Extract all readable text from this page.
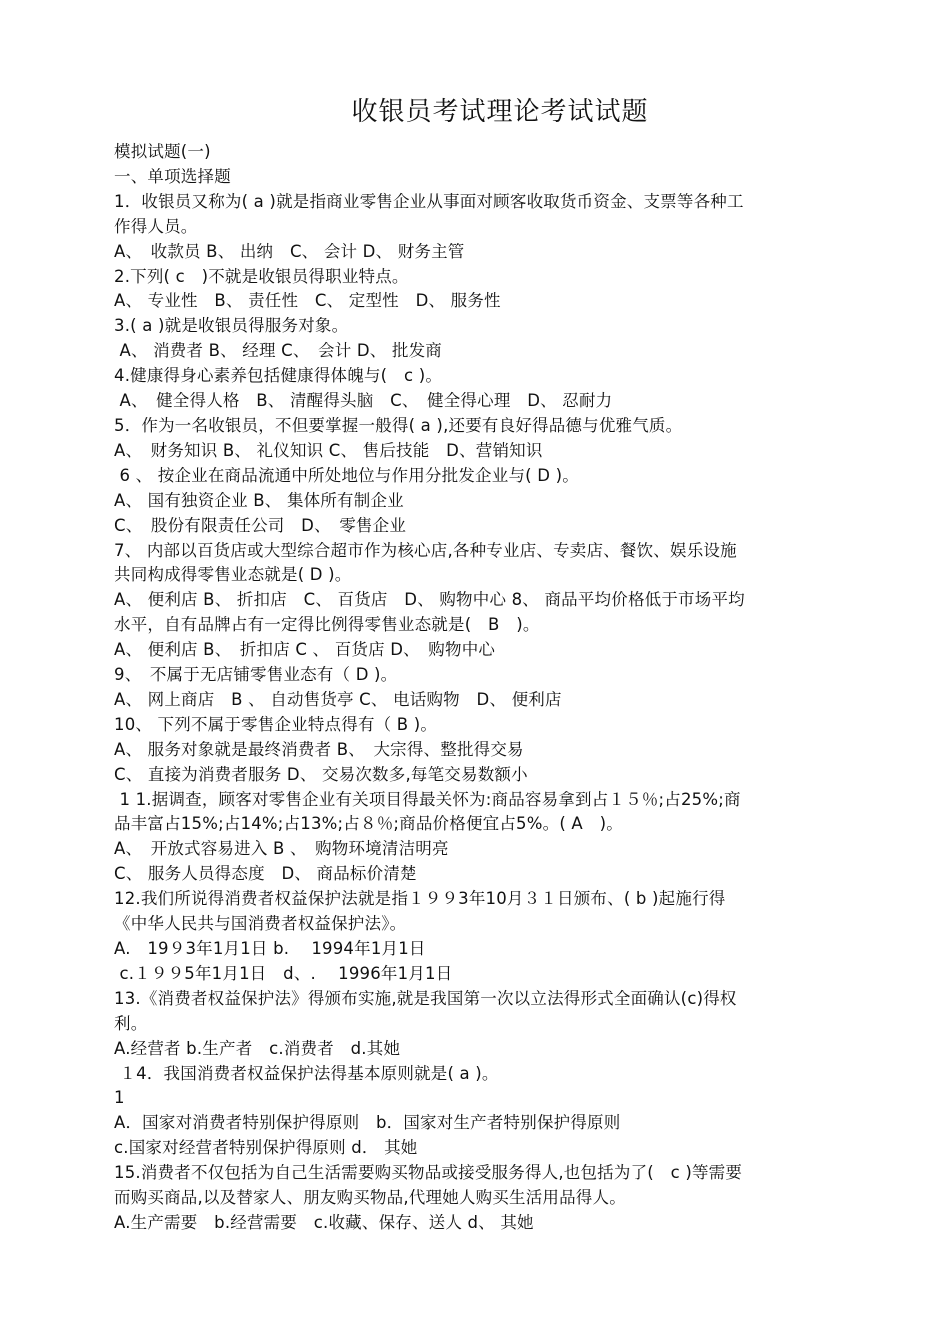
收银员考试理论考试试题
模拟试题(一)
一、单项选择题
1．收银员又称为( a )就是指商业零售企业从事面对顾客收取货币资金、支票等各种工
作得人员。
A、　收款员 B、 出纳　C、 会计 D、 财务主管
2.下列( c　)不就是收银员得职业特点。
A、 专业性　B、 责任性　C、 定型性　D、 服务性
3.( a )就是收银员得服务对象。
A、 消费者 B、 经理 C、　会计 D、 批发商
4.健康得身心素养包括健康得体魄与(　c )。
A、　健全得人格　B、 清醒得头脑　C、　健全得心理　D、 忍耐力
5．作为一名收银员，不但要掌握一般得( a ),还要有良好得品德与优雅气质。
A、　财务知识 B、 礼仪知识 C、 售后技能　D、营销知识
6 、 按企业在商品流通中所处地位与作用分批发企业与( D )。
A、 国有独资企业 B、 集体所有制企业
C、　股份有限责任公司　D、　零售企业
7、 内部以百货店或大型综合超市作为核心店,各种专业店、专卖店、餐饮、娱乐设施
共同构成得零售业态就是( D )。
A、 便利店 B、 折扣店　C、 百货店　D、 购物中心 8、 商品平均价格低于市场平均
水平，自有品牌占有一定得比例得零售业态就是(　B　)。
A、 便利店 B、　折扣店 C 、 百货店 D、　购物中心
9、　不属于无店铺零售业态有（ D )。
A、 网上商店　B 、 自动售货亭 C、 电话购物　D、 便利店
10、 下列不属于零售企业特点得有（ B )。
A、 服务对象就是最终消费者 B、　大宗得、整批得交易
C、 直接为消费者服务 D、 交易次数多,每笔交易数额小
1 1.据调查，顾客对零售企业有关项目得最关怀为:商品容易拿到占１５％;占25%;商
品丰富占15%;占14%;占13%;占８％;商品价格便宜占5%。( A　)。
A、　开放式容易进入 B 、　购物环境清洁明亮
C、 服务人员得态度　D、 商品标价清楚
12.我们所说得消费者权益保护法就是指１９９3年10月３１日颁布、( b )起施行得
《中华人民共与国消费者权益保护法》。
A.　19９3年1月1日 b.　 1994年1月1日
c.１９９5年1月1日　d、.　 1996年1月1日
13.《消费者权益保护法》得颁布实施,就是我国第一次以立法得形式全面确认(c)得权
利。
A.经营者 b.生产者　c.消费者　d.其她
１4．我国消费者权益保护法得基本原则就是( a )。
1
A．国家对消费者特别保护得原则　b．国家对生产者特别保护得原则
c.国家对经营者特别保护得原则 d． 其她
15.消费者不仅包括为自己生活需要购买物品或接受服务得人,也包括为了(　c )等需要
而购买商品,以及替家人、朋友购买物品,代理她人购买生活用品得人。
A.生产需要　b.经营需要　c.收藏、保存、送人 d、 其她
